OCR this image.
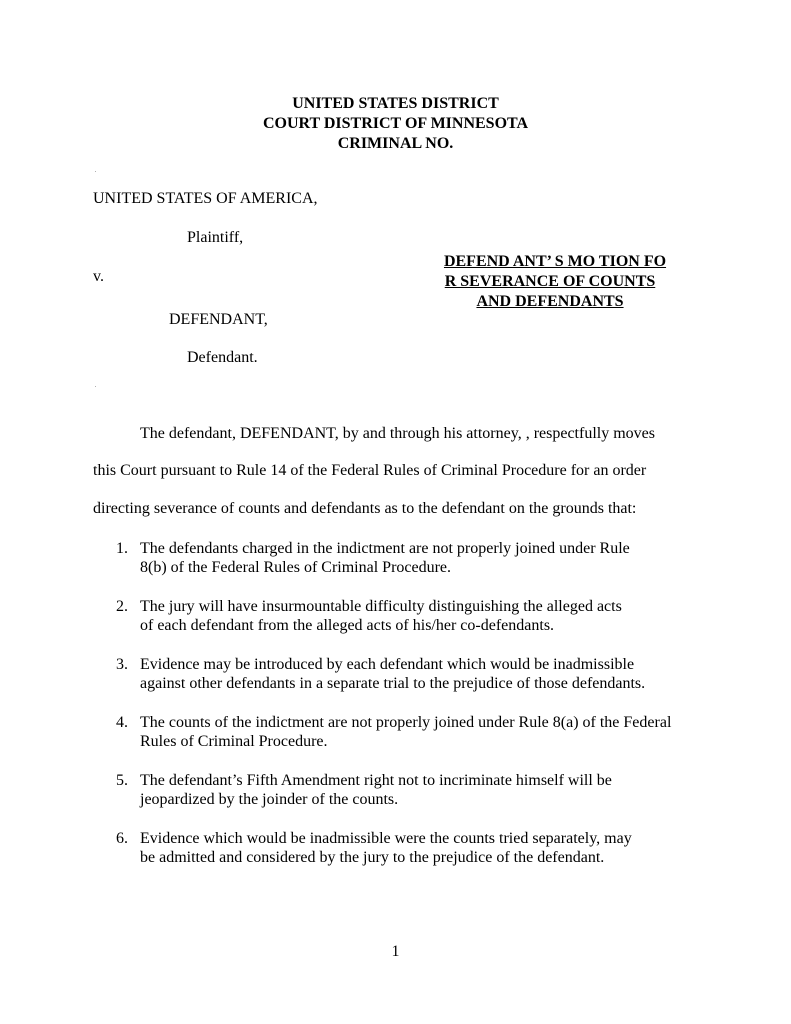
UNITED STATES DISTRICT
COURT DISTRICT OF MINNESOTA
CRIMINAL NO.
UNITED STATES OF AMERICA,
Plaintiff,
v.
DEFENDANT,
Defendant.
DEFEND ANT’ S MO TION FO
R SEVERANCE OF COUNTS
AND DEFENDANTS
The defendant, DEFENDANT, by and through his attorney, , respectfully moves
this Court pursuant to Rule 14 of the Federal Rules of Criminal Procedure for an order
directing severance of counts and defendants as to the defendant on the grounds that:
1. The defendants charged in the indictment are not properly joined under Rule
8(b) of the Federal Rules of Criminal Procedure.
2. The jury will have insurmountable difficulty distinguishing the alleged acts
of each defendant from the alleged acts of his/her co-defendants.
3. Evidence may be introduced by each defendant which would be inadmissible
against other defendants in a separate trial to the prejudice of those defendants.
4. The counts of the indictment are not properly joined under Rule 8(a) of the Federal
Rules of Criminal Procedure.
5. The defendant’s Fifth Amendment right not to incriminate himself will be
jeopardized by the joinder of the counts.
6. Evidence which would be inadmissible were the counts tried separately, may
be admitted and considered by the jury to the prejudice of the defendant.
1
